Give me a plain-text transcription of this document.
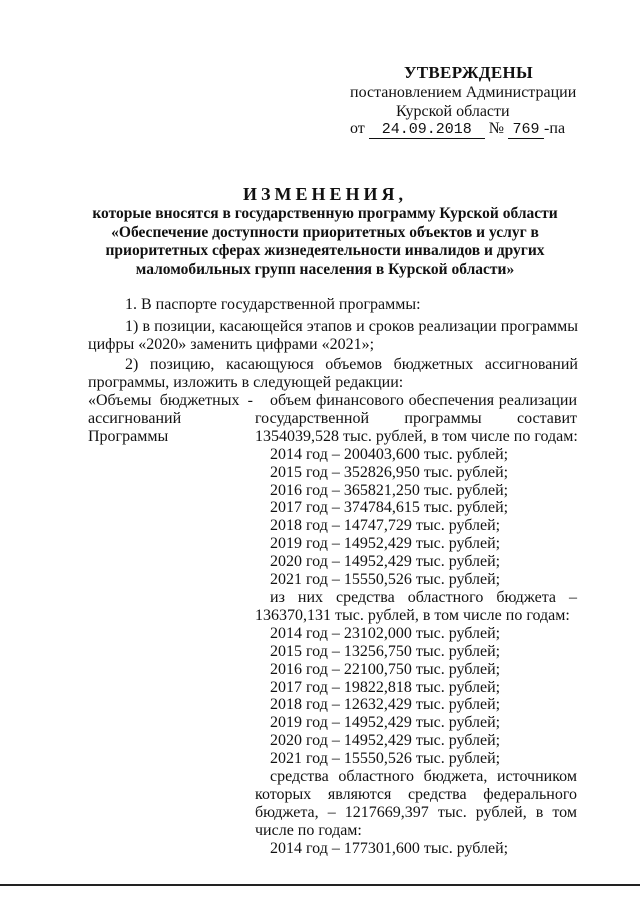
УТВЕРЖДЕНЫ
постановлением Администрации
Курской области
от 24.09.2018 № 769 -па
ИЗМЕНЕНИЯ,
которые вносятся в государственную программу Курской области
«Обеспечение доступности приоритетных объектов и услуг в
приоритетных сферах жизнедеятельности инвалидов и других
маломобильных групп населения в Курской области»
1. В паспорте государственной программы:
1) в позиции, касающейся этапов и сроков реализации программы
цифры «2020» заменить цифрами «2021»;
2) позицию, касающуюся объемов бюджетных ассигнований
программы, изложить в следующей редакции:
«Объемы бюджетных -
ассигнований
Программы
объем финансового обеспечения реализации
государственной программы составит
1354039,528 тыс. рублей, в том числе по годам:
2014 год – 200403,600 тыс. рублей;
2015 год – 352826,950 тыс. рублей;
2016 год – 365821,250 тыс. рублей;
2017 год – 374784,615 тыс. рублей;
2018 год – 14747,729 тыс. рублей;
2019 год – 14952,429 тыс. рублей;
2020 год – 14952,429 тыс. рублей;
2021 год – 15550,526 тыс. рублей;
из них средства областного бюджета –
136370,131 тыс. рублей, в том числе по годам:
2014 год – 23102,000 тыс. рублей;
2015 год – 13256,750 тыс. рублей;
2016 год – 22100,750 тыс. рублей;
2017 год – 19822,818 тыс. рублей;
2018 год – 12632,429 тыс. рублей;
2019 год – 14952,429 тыс. рублей;
2020 год – 14952,429 тыс. рублей;
2021 год – 15550,526 тыс. рублей;
средства областного бюджета, источником
которых являются средства федерального
бюджета, – 1217669,397 тыс. рублей, в том
числе по годам:
2014 год – 177301,600 тыс. рублей;
